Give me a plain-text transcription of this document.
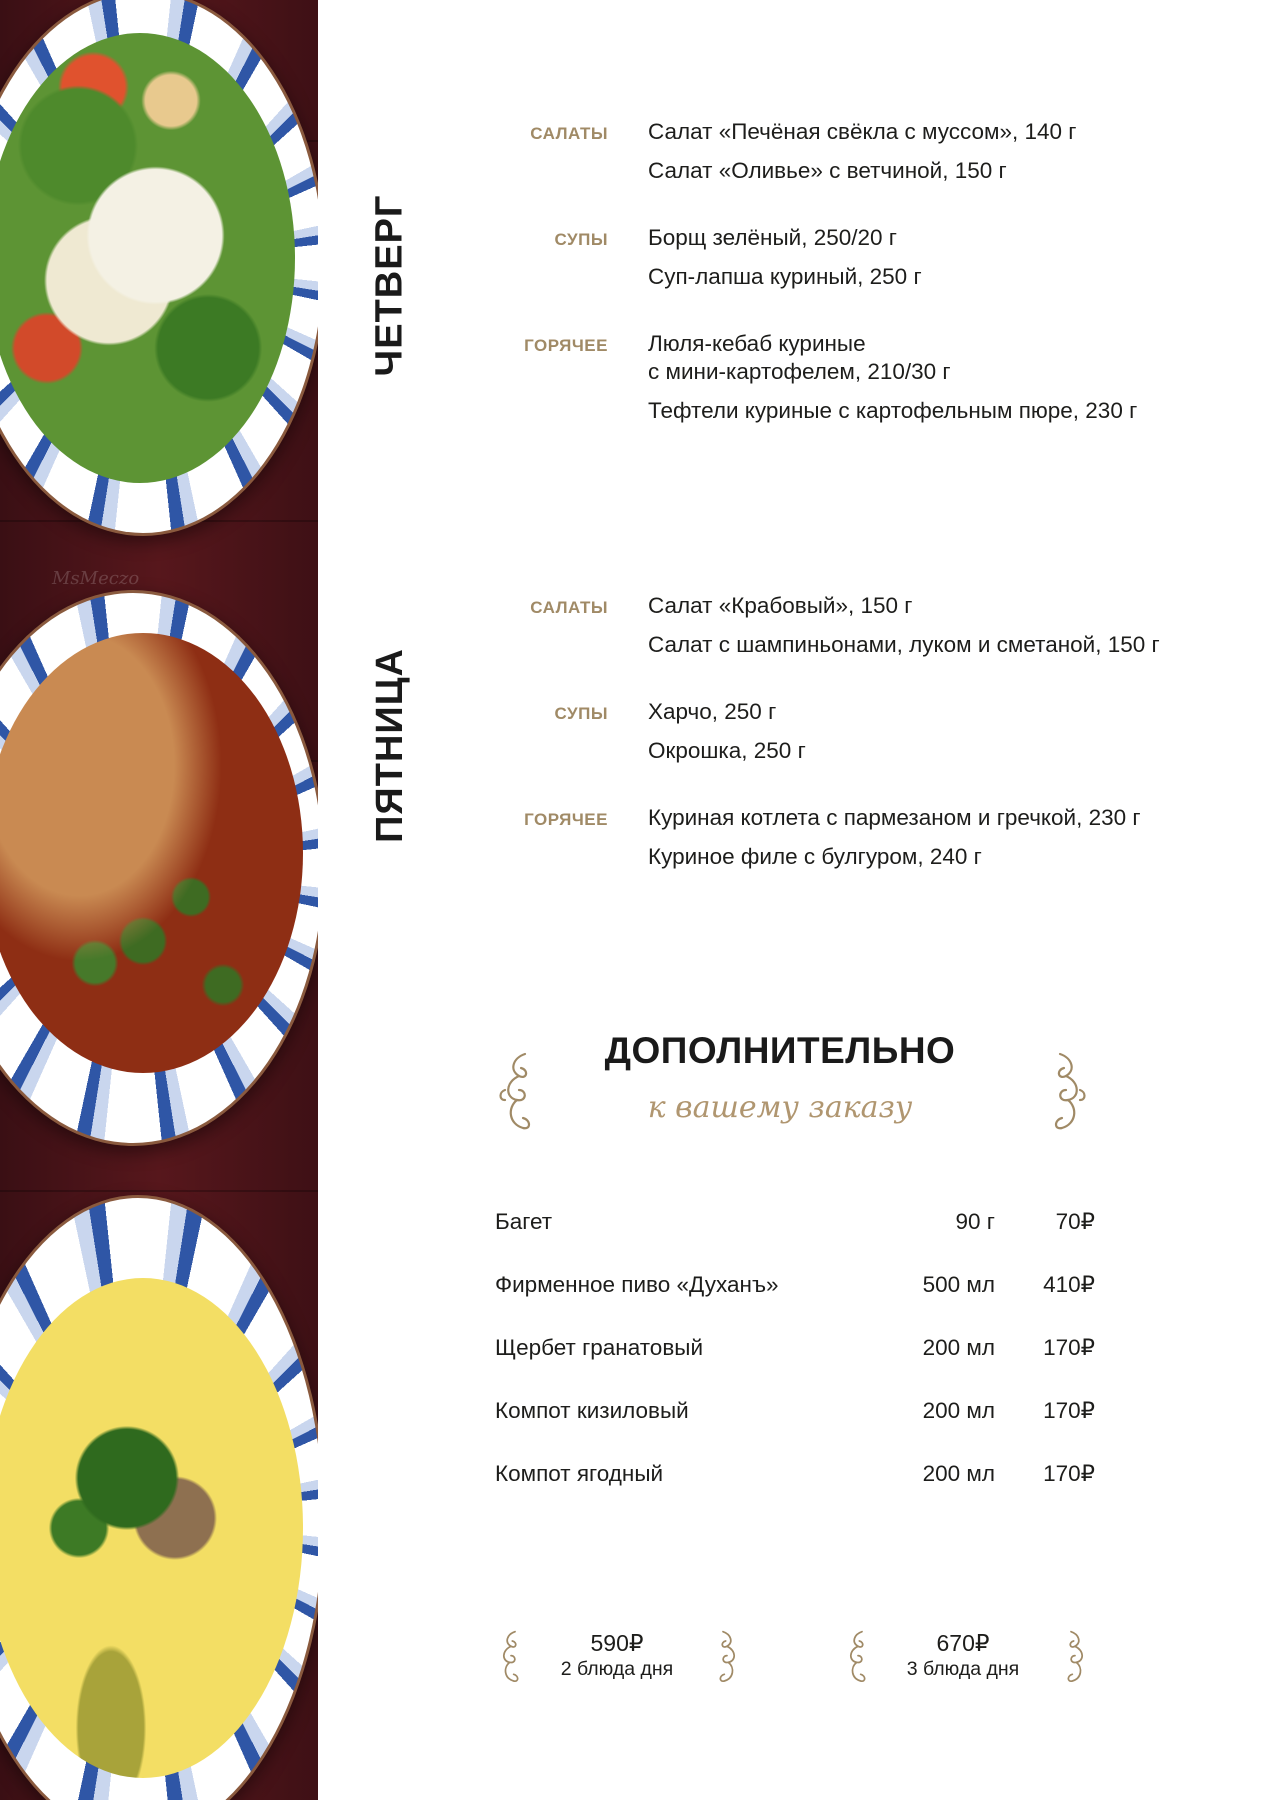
MsMeczo
ЧЕТВЕРГ
ПЯТНИЦА
САЛАТЫ	Салат «Печёная свёкла с муссом», 140 г
Салат «Оливье» с ветчиной, 150 г
СУПЫ	Борщ зелёный, 250/20 г
Суп-лапша куриный, 250 г
ГОРЯЧЕЕ	Люля-кебаб куриные
с мини-картофелем, 210/30 г
Тефтели куриные с картофельным пюре, 230 г
САЛАТЫ	Салат «Крабовый», 150 г
Салат с шампиньонами, луком и сметаной, 150 г
СУПЫ	Харчо, 250 г
Окрошка, 250 г
ГОРЯЧЕЕ	Куриная котлета с пармезаном и гречкой, 230 г
Куриное филе с булгуром, 240 г
ДОПОЛНИТЕЛЬНО
к вашему заказу
Багет	90 г	70₽
Фирменное пиво «Духанъ»	500 мл	410₽
Щербет гранатовый	200 мл	170₽
Компот кизиловый	200 мл	170₽
Компот ягодный	200 мл	170₽
590₽
2 блюда дня
670₽
3 блюда дня
